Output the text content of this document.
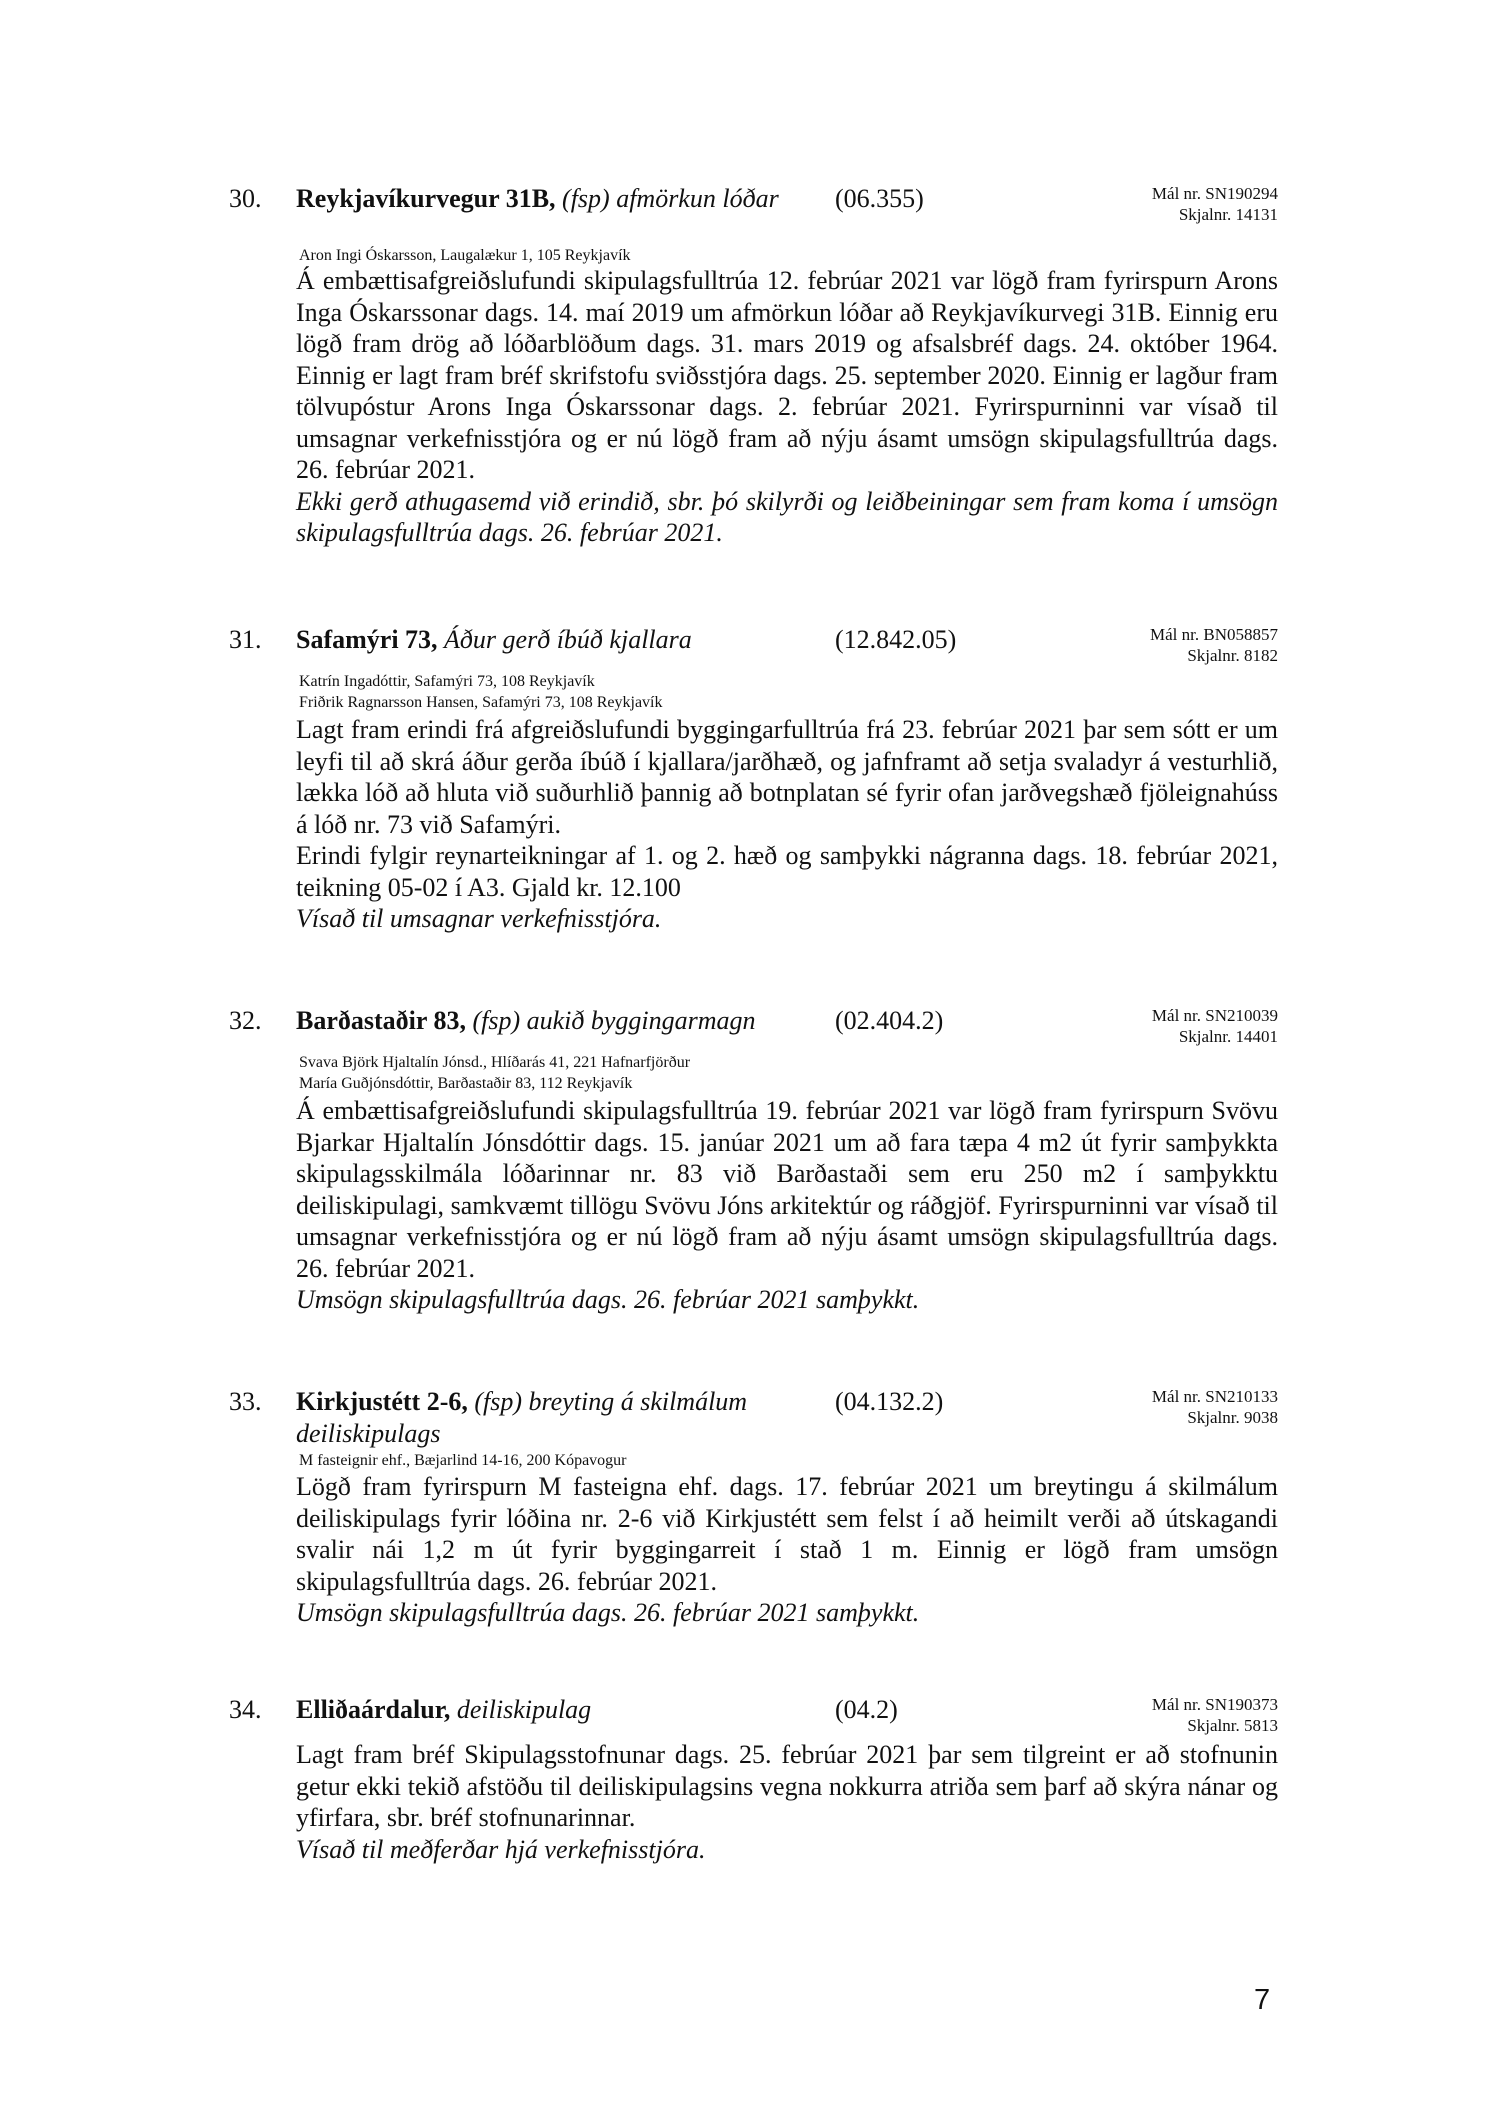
30. Reykjavíkurvegur 31B, (fsp) afmörkun lóðar	(06.355)	Mál nr. SN190294
Skjalnr. 14131
Aron Ingi Óskarsson, Laugalækur 1, 105 Reykjavík

Á embættisafgreiðslufundi skipulagsfulltrúa 12. febrúar 2021 var lögð fram fyrirspurn Arons Inga Óskarssonar dags. 14. maí 2019 um afmörkun lóðar að Reykjavíkurvegi 31B. Einnig eru lögð fram drög að lóðarblöðum dags. 31. mars 2019 og afsalsbréf dags. 24. október 1964. Einnig er lagt fram bréf skrifstofu sviðsstjóra dags. 25. september 2020. Einnig er lagður fram tölvupóstur Arons Inga Óskarssonar dags. 2. febrúar 2021. Fyrirspurninni var vísað til umsagnar verkefnisstjóra og er nú lögð fram að nýju ásamt umsögn skipulagsfulltrúa dags. 26. febrúar 2021.

Ekki gerð athugasemd við erindið, sbr. þó skilyrði og leiðbeiningar sem fram koma í umsögn skipulagsfulltrúa dags. 26. febrúar 2021.

31. Safamýri 73, Áður gerð íbúð kjallara	(12.842.05)	Mál nr. BN058857
Skjalnr. 8182
Katrín Ingadóttir, Safamýri 73, 108 Reykjavík
Friðrik Ragnarsson Hansen, Safamýri 73, 108 Reykjavík

Lagt fram erindi frá afgreiðslufundi byggingarfulltrúa frá 23. febrúar 2021 þar sem sótt er um leyfi til að skrá áður gerða íbúð í kjallara/jarðhæð, og jafnframt að setja svaladyr á vesturhlið, lækka lóð að hluta við suðurhlið þannig að botnplatan sé fyrir ofan jarðvegshæð fjöleignahúss á lóð nr. 73 við Safamýri.

Erindi fylgir reynarteikningar af 1. og 2. hæð og samþykki nágranna dags. 18. febrúar 2021, teikning 05-02 í A3. Gjald kr. 12.100

Vísað til umsagnar verkefnisstjóra.

32. Barðastaðir 83, (fsp) aukið byggingarmagn	(02.404.2)	Mál nr. SN210039
Skjalnr. 14401
Svava Björk Hjaltalín Jónsd., Hlíðarás 41, 221 Hafnarfjörður
María Guðjónsdóttir, Barðastaðir 83, 112 Reykjavík

Á embættisafgreiðslufundi skipulagsfulltrúa 19. febrúar 2021 var lögð fram fyrirspurn Svövu Bjarkar Hjaltalín Jónsdóttir dags. 15. janúar 2021 um að fara tæpa 4 m2 út fyrir samþykkta skipulagsskilmála lóðarinnar nr. 83 við Barðastaði sem eru 250 m2 í samþykktu deiliskipulagi, samkvæmt tillögu Svövu Jóns arkitektúr og ráðgjöf. Fyrirspurninni var vísað til umsagnar verkefnisstjóra og er nú lögð fram að nýju ásamt umsögn skipulagsfulltrúa dags. 26. febrúar 2021.

Umsögn skipulagsfulltrúa dags. 26. febrúar 2021 samþykkt.

33. Kirkjustétt 2-6, (fsp) breyting á skilmálum deiliskipulags
(04.132.2)	Mál nr. SN210133
Skjalnr. 9038
M fasteignir ehf., Bæjarlind 14-16, 200 Kópavogur

Lögð fram fyrirspurn M fasteigna ehf. dags. 17. febrúar 2021 um breytingu á skilmálum deiliskipulags fyrir lóðina nr. 2-6 við Kirkjustétt sem felst í að heimilt verði að útskagandi svalir nái 1,2 m út fyrir byggingarreit í stað 1 m. Einnig er lögð fram umsögn skipulagsfulltrúa dags. 26. febrúar 2021.

Umsögn skipulagsfulltrúa dags. 26. febrúar 2021 samþykkt.

34. Elliðaárdalur, deiliskipulag	(04.2)	Mál nr. SN190373
Skjalnr. 5813

Lagt fram bréf Skipulagsstofnunar dags. 25. febrúar 2021 þar sem tilgreint er að stofnunin getur ekki tekið afstöðu til deiliskipulagsins vegna nokkurra atriða sem þarf að skýra nánar og yfirfara, sbr. bréf stofnunarinnar.

Vísað til meðferðar hjá verkefnisstjóra.

7
